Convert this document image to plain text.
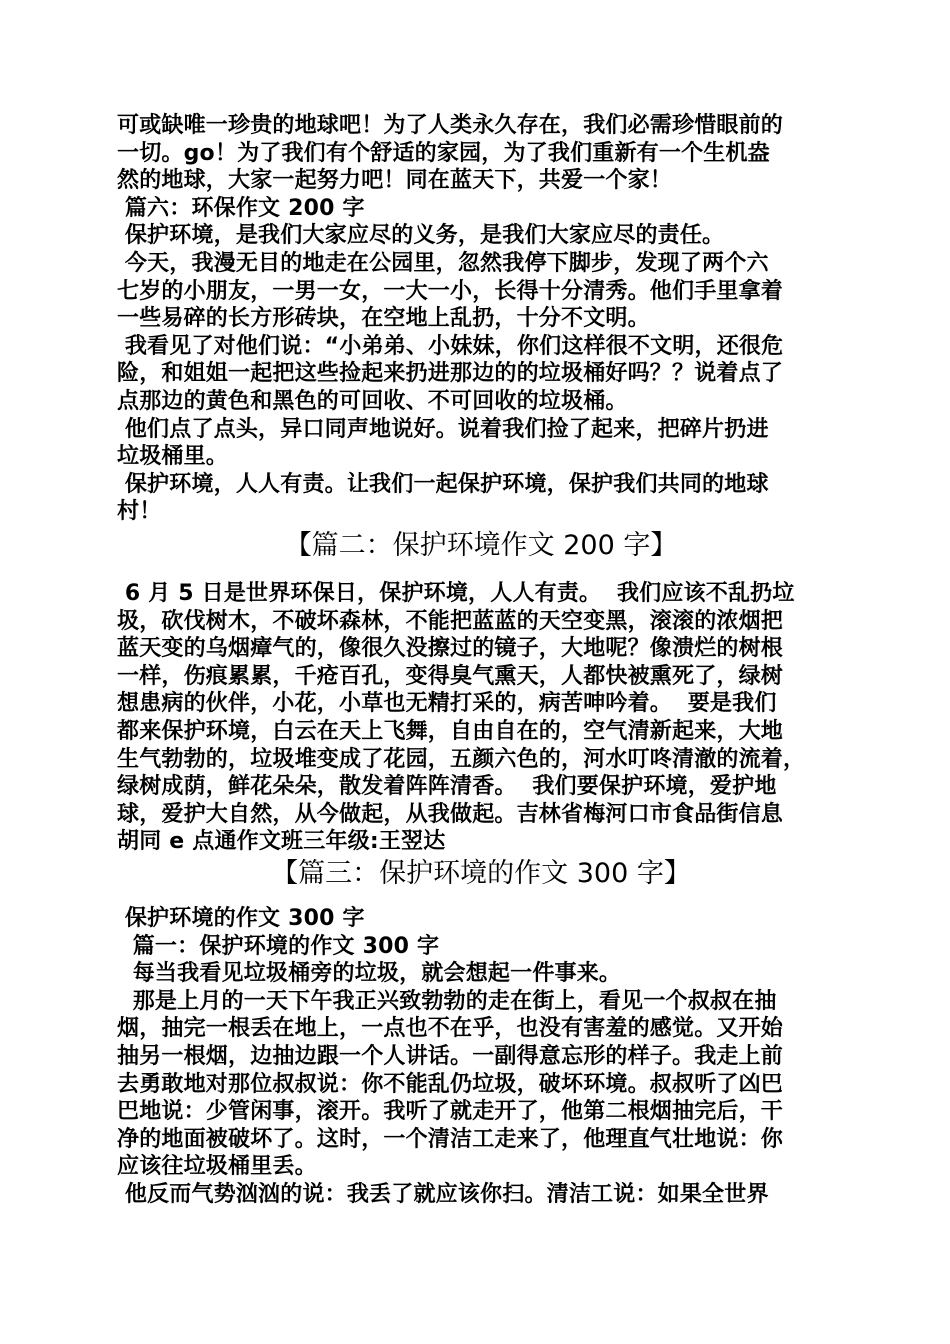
可或缺唯一珍贵的地球吧！为了人类永久存在，我们必需珍惜眼前的
一切。go！为了我们有个舒适的家园，为了我们重新有一个生机盎
然的地球，大家一起努力吧！同在蓝天下，共爱一个家！
篇六：环保作文 200 字
保护环境，是我们大家应尽的义务，是我们大家应尽的责任。
今天，我漫无目的地走在公园里，忽然我停下脚步，发现了两个六
七岁的小朋友，一男一女，一大一小，长得十分清秀。他们手里拿着
一些易碎的长方形砖块，在空地上乱扔，十分不文明。
我看见了对他们说：“小弟弟、小妹妹，你们这样很不文明，还很危
险，和姐姐一起把这些捡起来扔进那边的的垃圾桶好吗？？说着点了
点那边的黄色和黑色的可回收、不可回收的垃圾桶。
他们点了点头，异口同声地说好。说着我们捡了起来，把碎片扔进
垃圾桶里。
保护环境，人人有责。让我们一起保护环境，保护我们共同的地球
村！
【篇二：保护环境作文 200 字】
6 月 5 日是世界环保日，保护环境，人人有责。  我们应该不乱扔垃
圾，砍伐树木，不破坏森林，不能把蓝蓝的天空变黑，滚滚的浓烟把
蓝天变的乌烟瘴气的，像很久没擦过的镜子，大地呢？像溃烂的树根
一样，伤痕累累，千疮百孔，变得臭气熏天，人都快被熏死了，绿树
想患病的伙伴，小花，小草也无精打采的，病苦呻吟着。  要是我们
都来保护环境，白云在天上飞舞，自由自在的，空气清新起来，大地
生气勃勃的，垃圾堆变成了花园，五颜六色的，河水叮咚清澈的流着，
绿树成荫，鲜花朵朵，散发着阵阵清香。  我们要保护环境，爱护地
球，爱护大自然，从今做起，从我做起。吉林省梅河口市食品街信息
胡同 e 点通作文班三年级:王翌达
【篇三：保护环境的作文 300 字】
保护环境的作文 300 字
篇一：保护环境的作文 300 字
每当我看见垃圾桶旁的垃圾，就会想起一件事来。
那是上月的一天下午我正兴致勃勃的走在街上，看见一个叔叔在抽
烟，抽完一根丢在地上，一点也不在乎，也没有害羞的感觉。又开始
抽另一根烟，边抽边跟一个人讲话。一副得意忘形的样子。我走上前
去勇敢地对那位叔叔说：你不能乱仍垃圾，破坏环境。叔叔听了凶巴
巴地说：少管闲事，滚开。我听了就走开了，他第二根烟抽完后，干
净的地面被破坏了。这时，一个清洁工走来了，他理直气壮地说：你
应该往垃圾桶里丢。
他反而气势汹汹的说：我丢了就应该你扫。清洁工说：如果全世界
